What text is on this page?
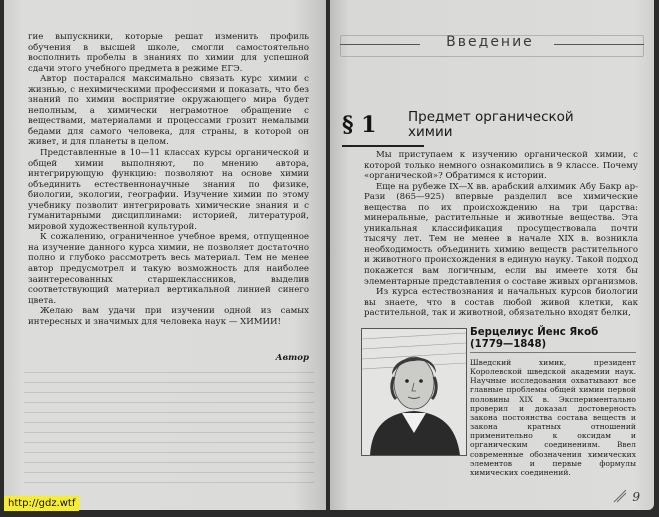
гие выпускники, которые решат изменить профиль обучения в высшей школе, смогли самостоятельно восполнить пробелы в знаниях по химии для успешной сдачи этого учебного предмета в режиме ЕГЭ.

Автор постарался максимально связать курс химии с жизнью, с нехимическими профессиями и показать, что без знаний по химии восприятие окружающего мира будет неполным, а химически неграмотное обращение с веществами, материалами и процессами грозит немалыми бедами для самого человека, для страны, в которой он живет, и для планеты в целом.

Представленные в 10—11 классах курсы органической и общей химии выполняют, по мнению автора, интегрирующую функцию: позволяют на основе химии объединить естественнонаучные знания по физике, биологии, экологии, географии. Изучение химии по этому учебнику позволит интегрировать химические знания и с гуманитарными дисциплинами: историей, литературой, мировой художественной культурой.

К сожалению, ограниченное учебное время, отпущенное на изучение данного курса химии, не позволяет достаточно полно и глубоко рассмотреть весь материал. Тем не менее автор предусмотрел и такую возможность для наиболее заинтересованных старшеклассников, выделив соответствующий материал вертикальной линией синего цвета.

Желаю вам удачи при изучении одной из самых интересных и значимых для человека наук — ХИМИИ!

Автор
Введение
§ 1	Предмет органической химии

Мы приступаем к изучению органической химии, с которой только немного ознакомились в 9 классе. Почему «органической»? Обратимся к истории.

Еще на рубеже IX—X вв. арабский алхимик Абу Бакр ар-Рази (865—925) впервые разделил все химические вещества по их происхождению на три царства: минеральные, растительные и животные вещества. Эта уникальная классификация просуществовала почти тысячу лет. Тем не менее в начале XIX в. возникла необходимость объединить химию веществ растительного и животного происхождения в единую науку. Такой подход покажется вам логичным, если вы имеете хотя бы элементарные представления о составе живых организмов.

Из курса естествознания и начальных курсов биологии вы знаете, что в состав любой живой клетки, как растительной, так и животной, обязательно входят белки,

Берцелиус Йенс Якоб
(1779—1848)
Шведский химик, президент Королевской шведской академии наук. Научные исследования охватывают все главные проблемы общей химии первой половины XIX в. Экспериментально проверил и доказал достоверность закона постоянства состава веществ и закона кратных отношений применительно к оксидам и органическим соединениям. Ввел современные обозначения химических элементов и первые формулы химических соединений.
9
http://gdz.wtf
